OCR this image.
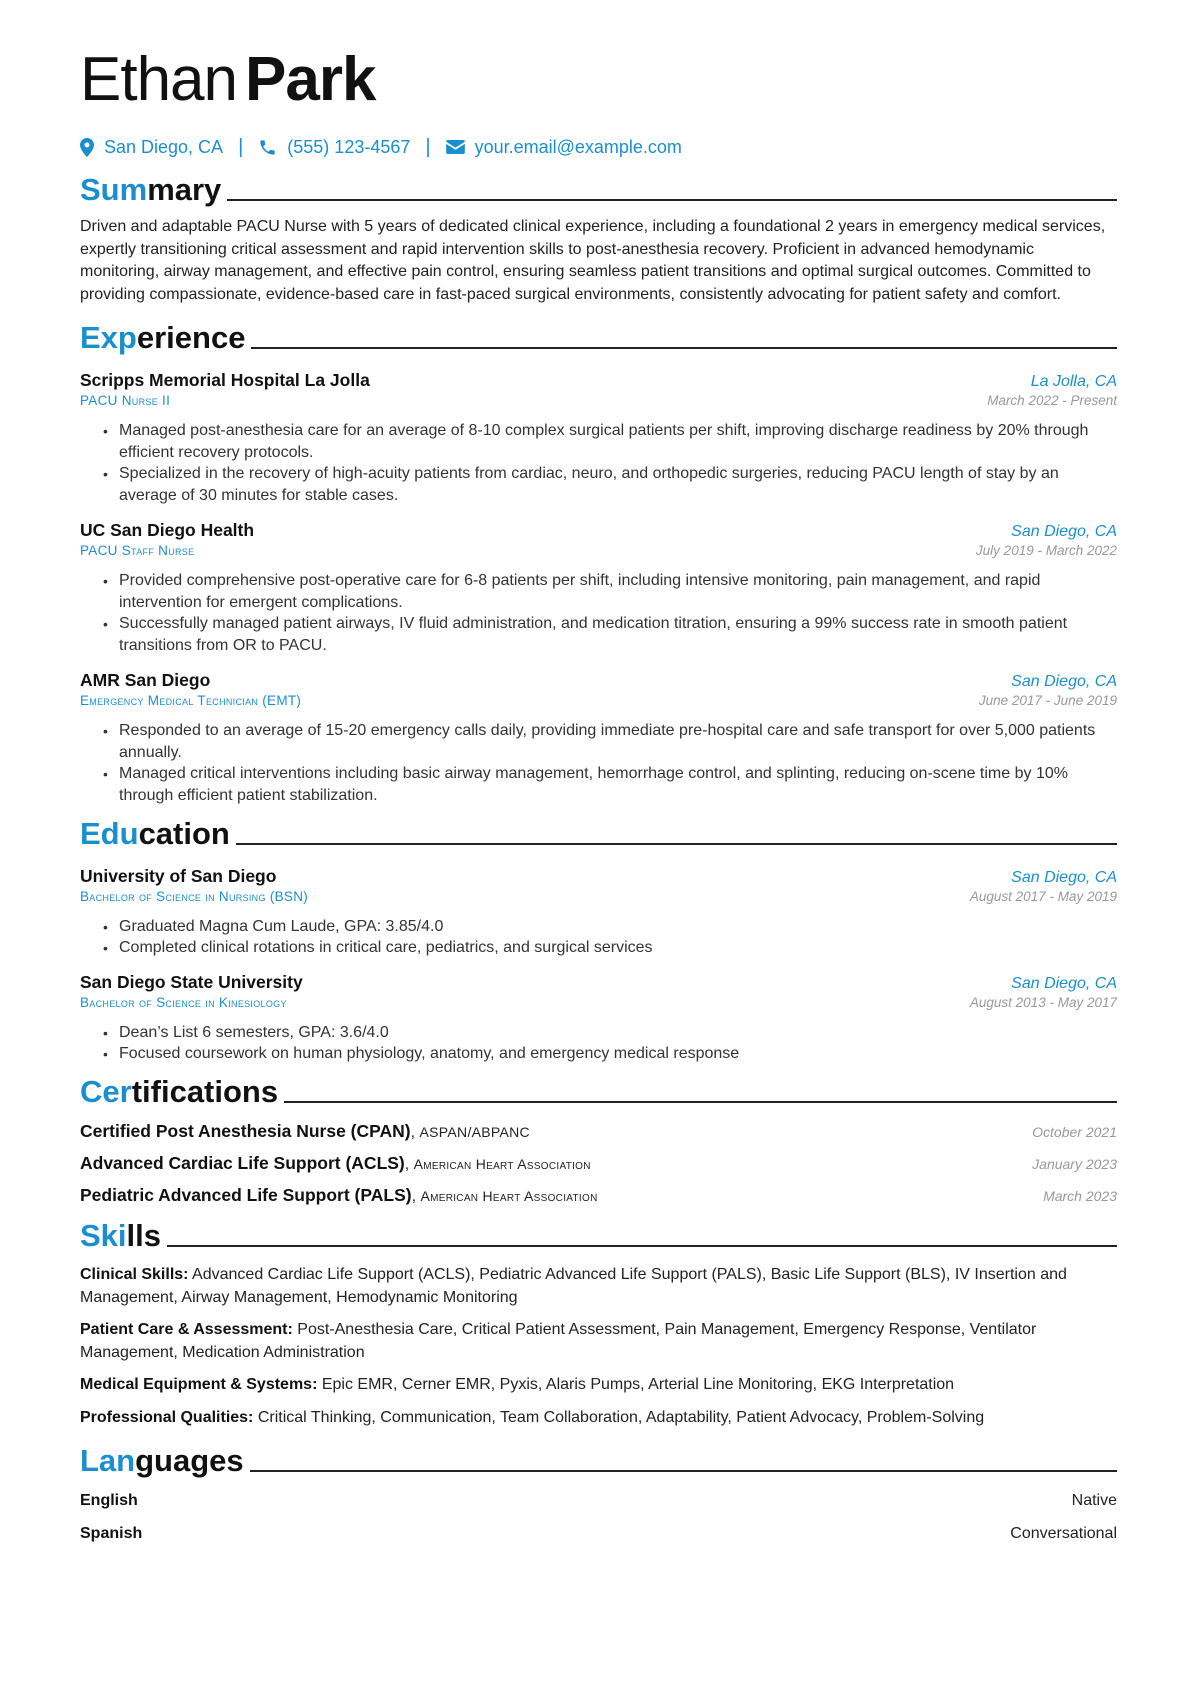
Ethan Park
San Diego, CA | (555) 123-4567 | your.email@example.com
Summary
Driven and adaptable PACU Nurse with 5 years of dedicated clinical experience, including a foundational 2 years in emergency medical services, expertly transitioning critical assessment and rapid intervention skills to post-anesthesia recovery. Proficient in advanced hemodynamic monitoring, airway management, and effective pain control, ensuring seamless patient transitions and optimal surgical outcomes. Committed to providing compassionate, evidence-based care in fast-paced surgical environments, consistently advocating for patient safety and comfort.
Experience
Scripps Memorial Hospital La Jolla	La Jolla, CA
PACU Nurse II	March 2022 - Present
• Managed post-anesthesia care for an average of 8-10 complex surgical patients per shift, improving discharge readiness by 20% through efficient recovery protocols.
• Specialized in the recovery of high-acuity patients from cardiac, neuro, and orthopedic surgeries, reducing PACU length of stay by an average of 30 minutes for stable cases.
UC San Diego Health	San Diego, CA
PACU Staff Nurse	July 2019 - March 2022
• Provided comprehensive post-operative care for 6-8 patients per shift, including intensive monitoring, pain management, and rapid intervention for emergent complications.
• Successfully managed patient airways, IV fluid administration, and medication titration, ensuring a 99% success rate in smooth patient transitions from OR to PACU.
AMR San Diego	San Diego, CA
Emergency Medical Technician (EMT)	June 2017 - June 2019
• Responded to an average of 15-20 emergency calls daily, providing immediate pre-hospital care and safe transport for over 5,000 patients annually.
• Managed critical interventions including basic airway management, hemorrhage control, and splinting, reducing on-scene time by 10% through efficient patient stabilization.
Education
University of San Diego	San Diego, CA
Bachelor of Science in Nursing (BSN)	August 2017 - May 2019
• Graduated Magna Cum Laude, GPA: 3.85/4.0
• Completed clinical rotations in critical care, pediatrics, and surgical services
San Diego State University	San Diego, CA
Bachelor of Science in Kinesiology	August 2013 - May 2017
• Dean’s List 6 semesters, GPA: 3.6/4.0
• Focused coursework on human physiology, anatomy, and emergency medical response
Certifications
Certified Post Anesthesia Nurse (CPAN), ASPAN/ABPANC	October 2021
Advanced Cardiac Life Support (ACLS), American Heart Association	January 2023
Pediatric Advanced Life Support (PALS), American Heart Association	March 2023
Skills
Clinical Skills: Advanced Cardiac Life Support (ACLS), Pediatric Advanced Life Support (PALS), Basic Life Support (BLS), IV Insertion and Management, Airway Management, Hemodynamic Monitoring
Patient Care & Assessment: Post-Anesthesia Care, Critical Patient Assessment, Pain Management, Emergency Response, Ventilator Management, Medication Administration
Medical Equipment & Systems: Epic EMR, Cerner EMR, Pyxis, Alaris Pumps, Arterial Line Monitoring, EKG Interpretation
Professional Qualities: Critical Thinking, Communication, Team Collaboration, Adaptability, Patient Advocacy, Problem-Solving
Languages
English	Native
Spanish	Conversational
